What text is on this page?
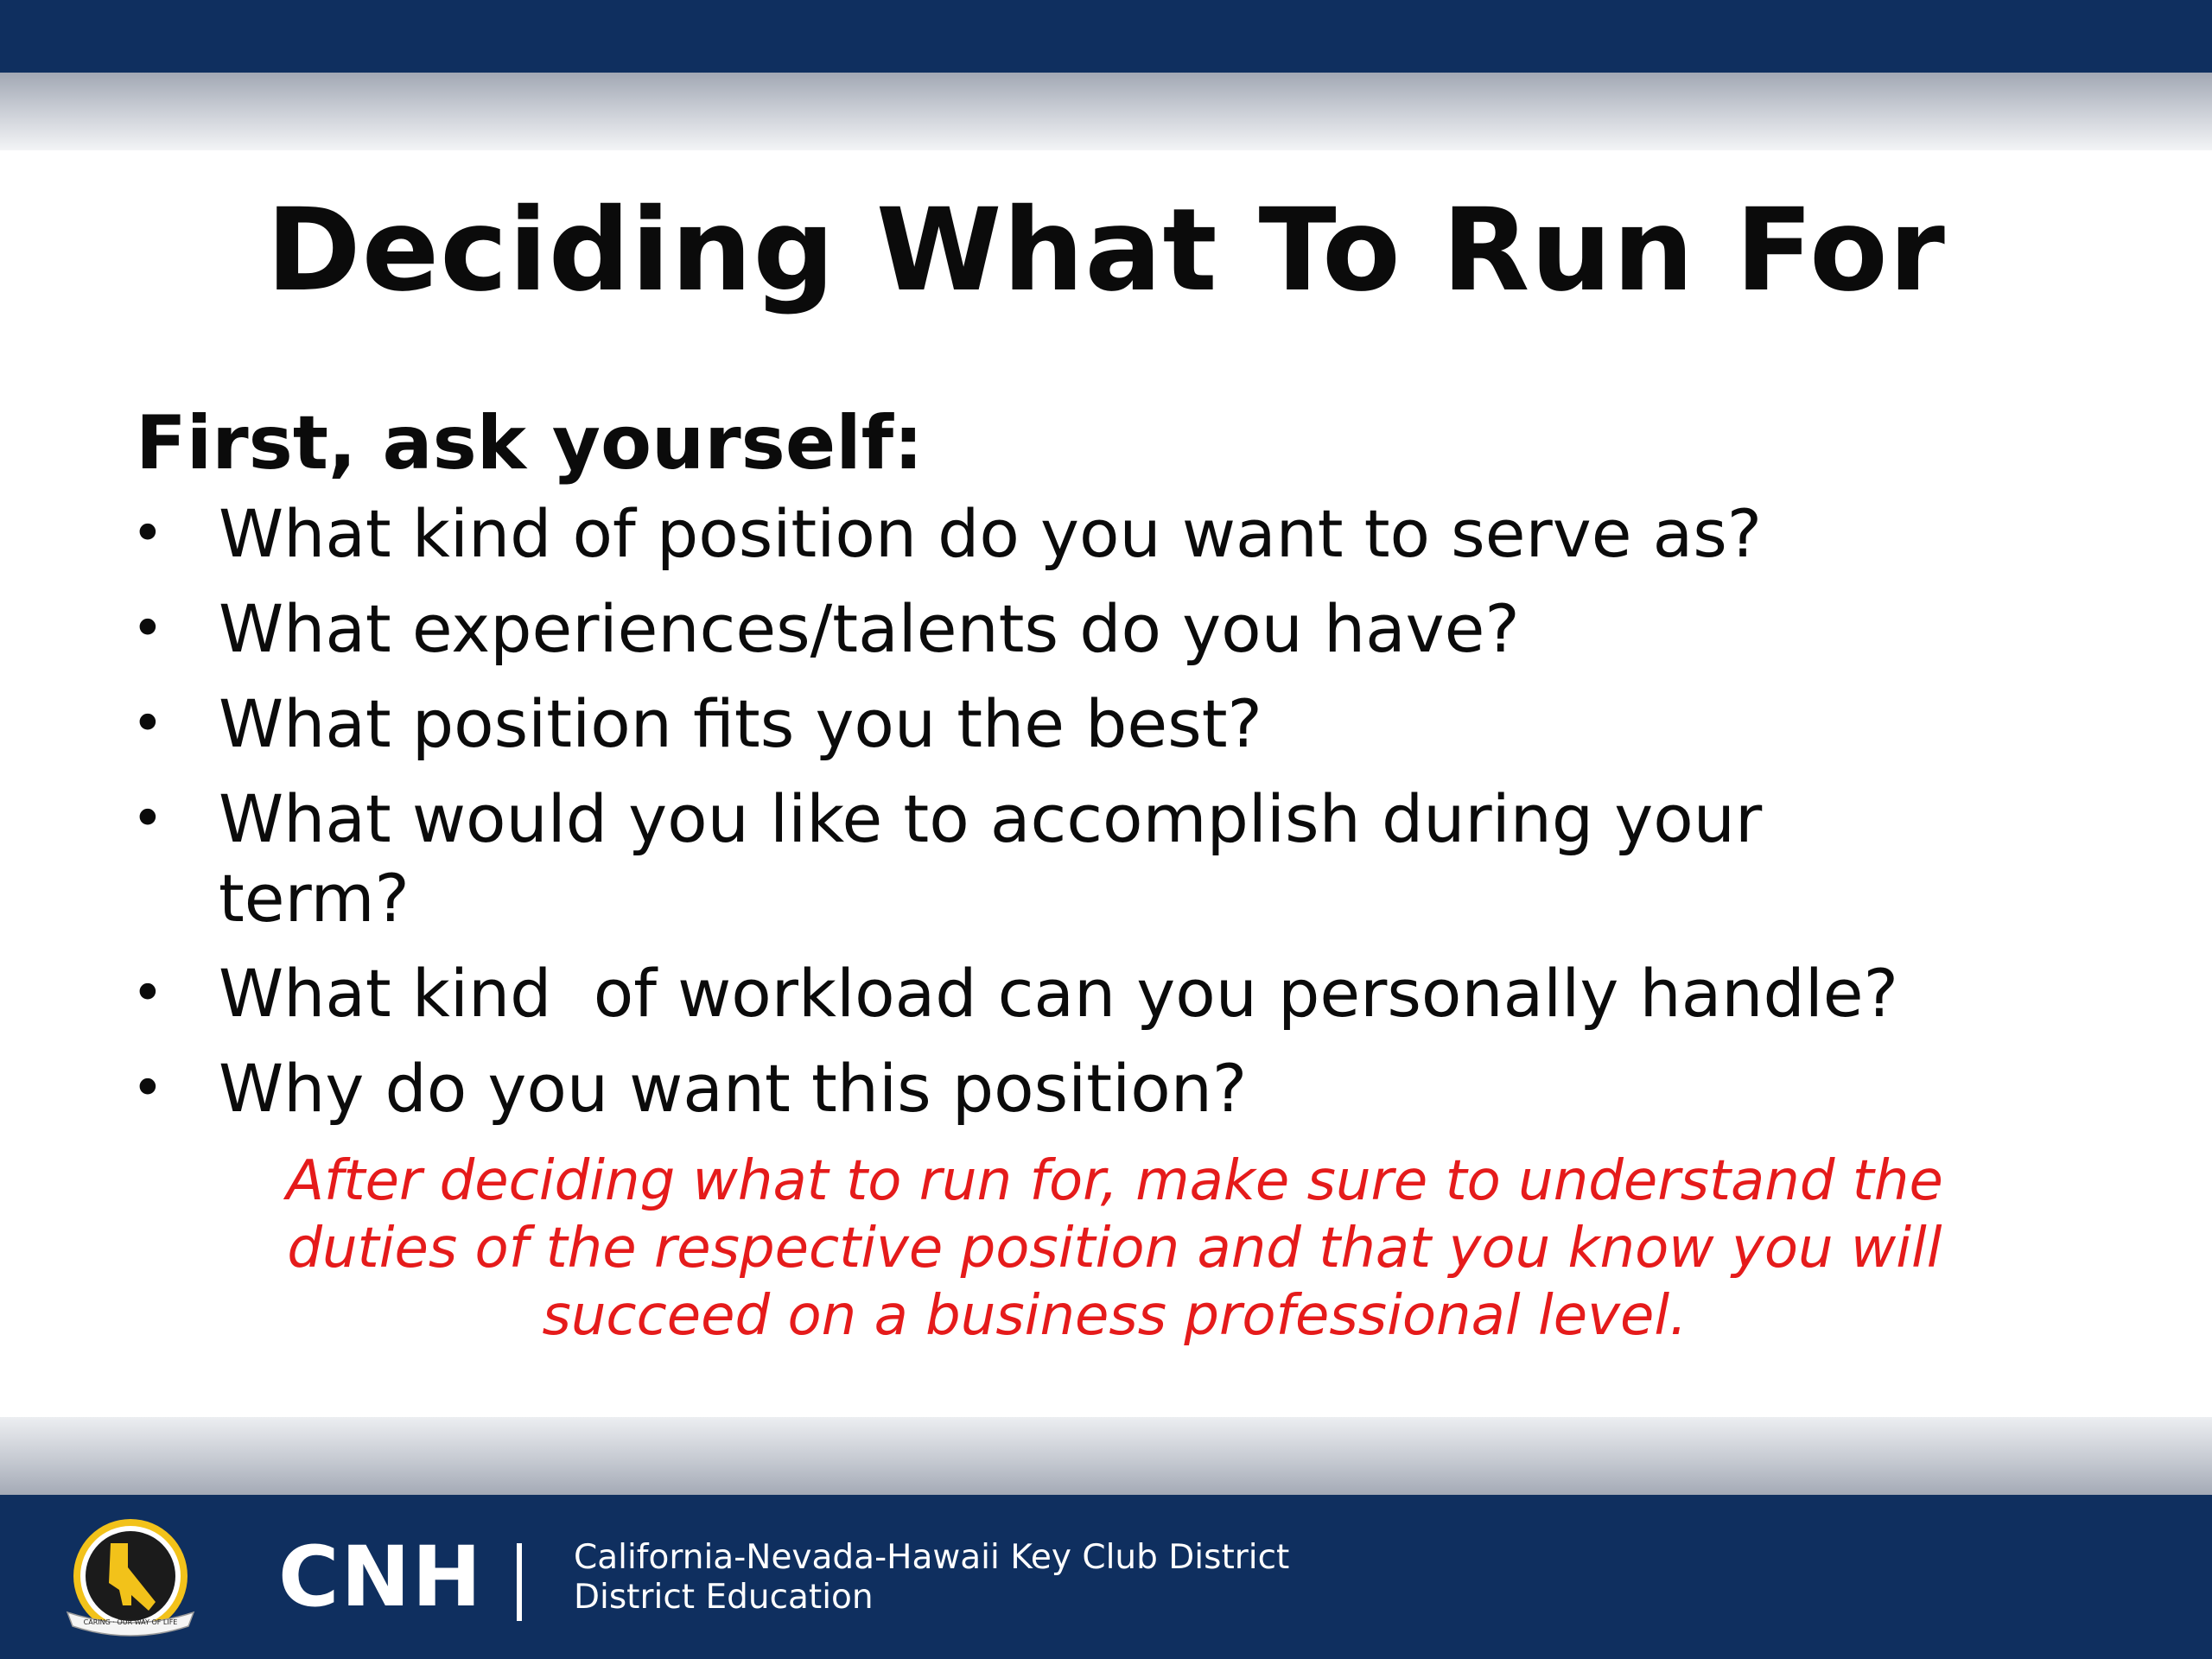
Deciding What To Run For
First, ask yourself:
• What kind of position do you want to serve as?
• What experiences/talents do you have?
• What position fits you the best?
• What would you like to accomplish during your
term?
• What kind  of workload can you personally handle?
• Why do you want this position?
After deciding what to run for, make sure to understand the duties of the respective position and that you know you will succeed on a business professional level.
CARING · OUR WAY OF LIFE CNH	California-Nevada-Hawaii Key Club District
District Education
